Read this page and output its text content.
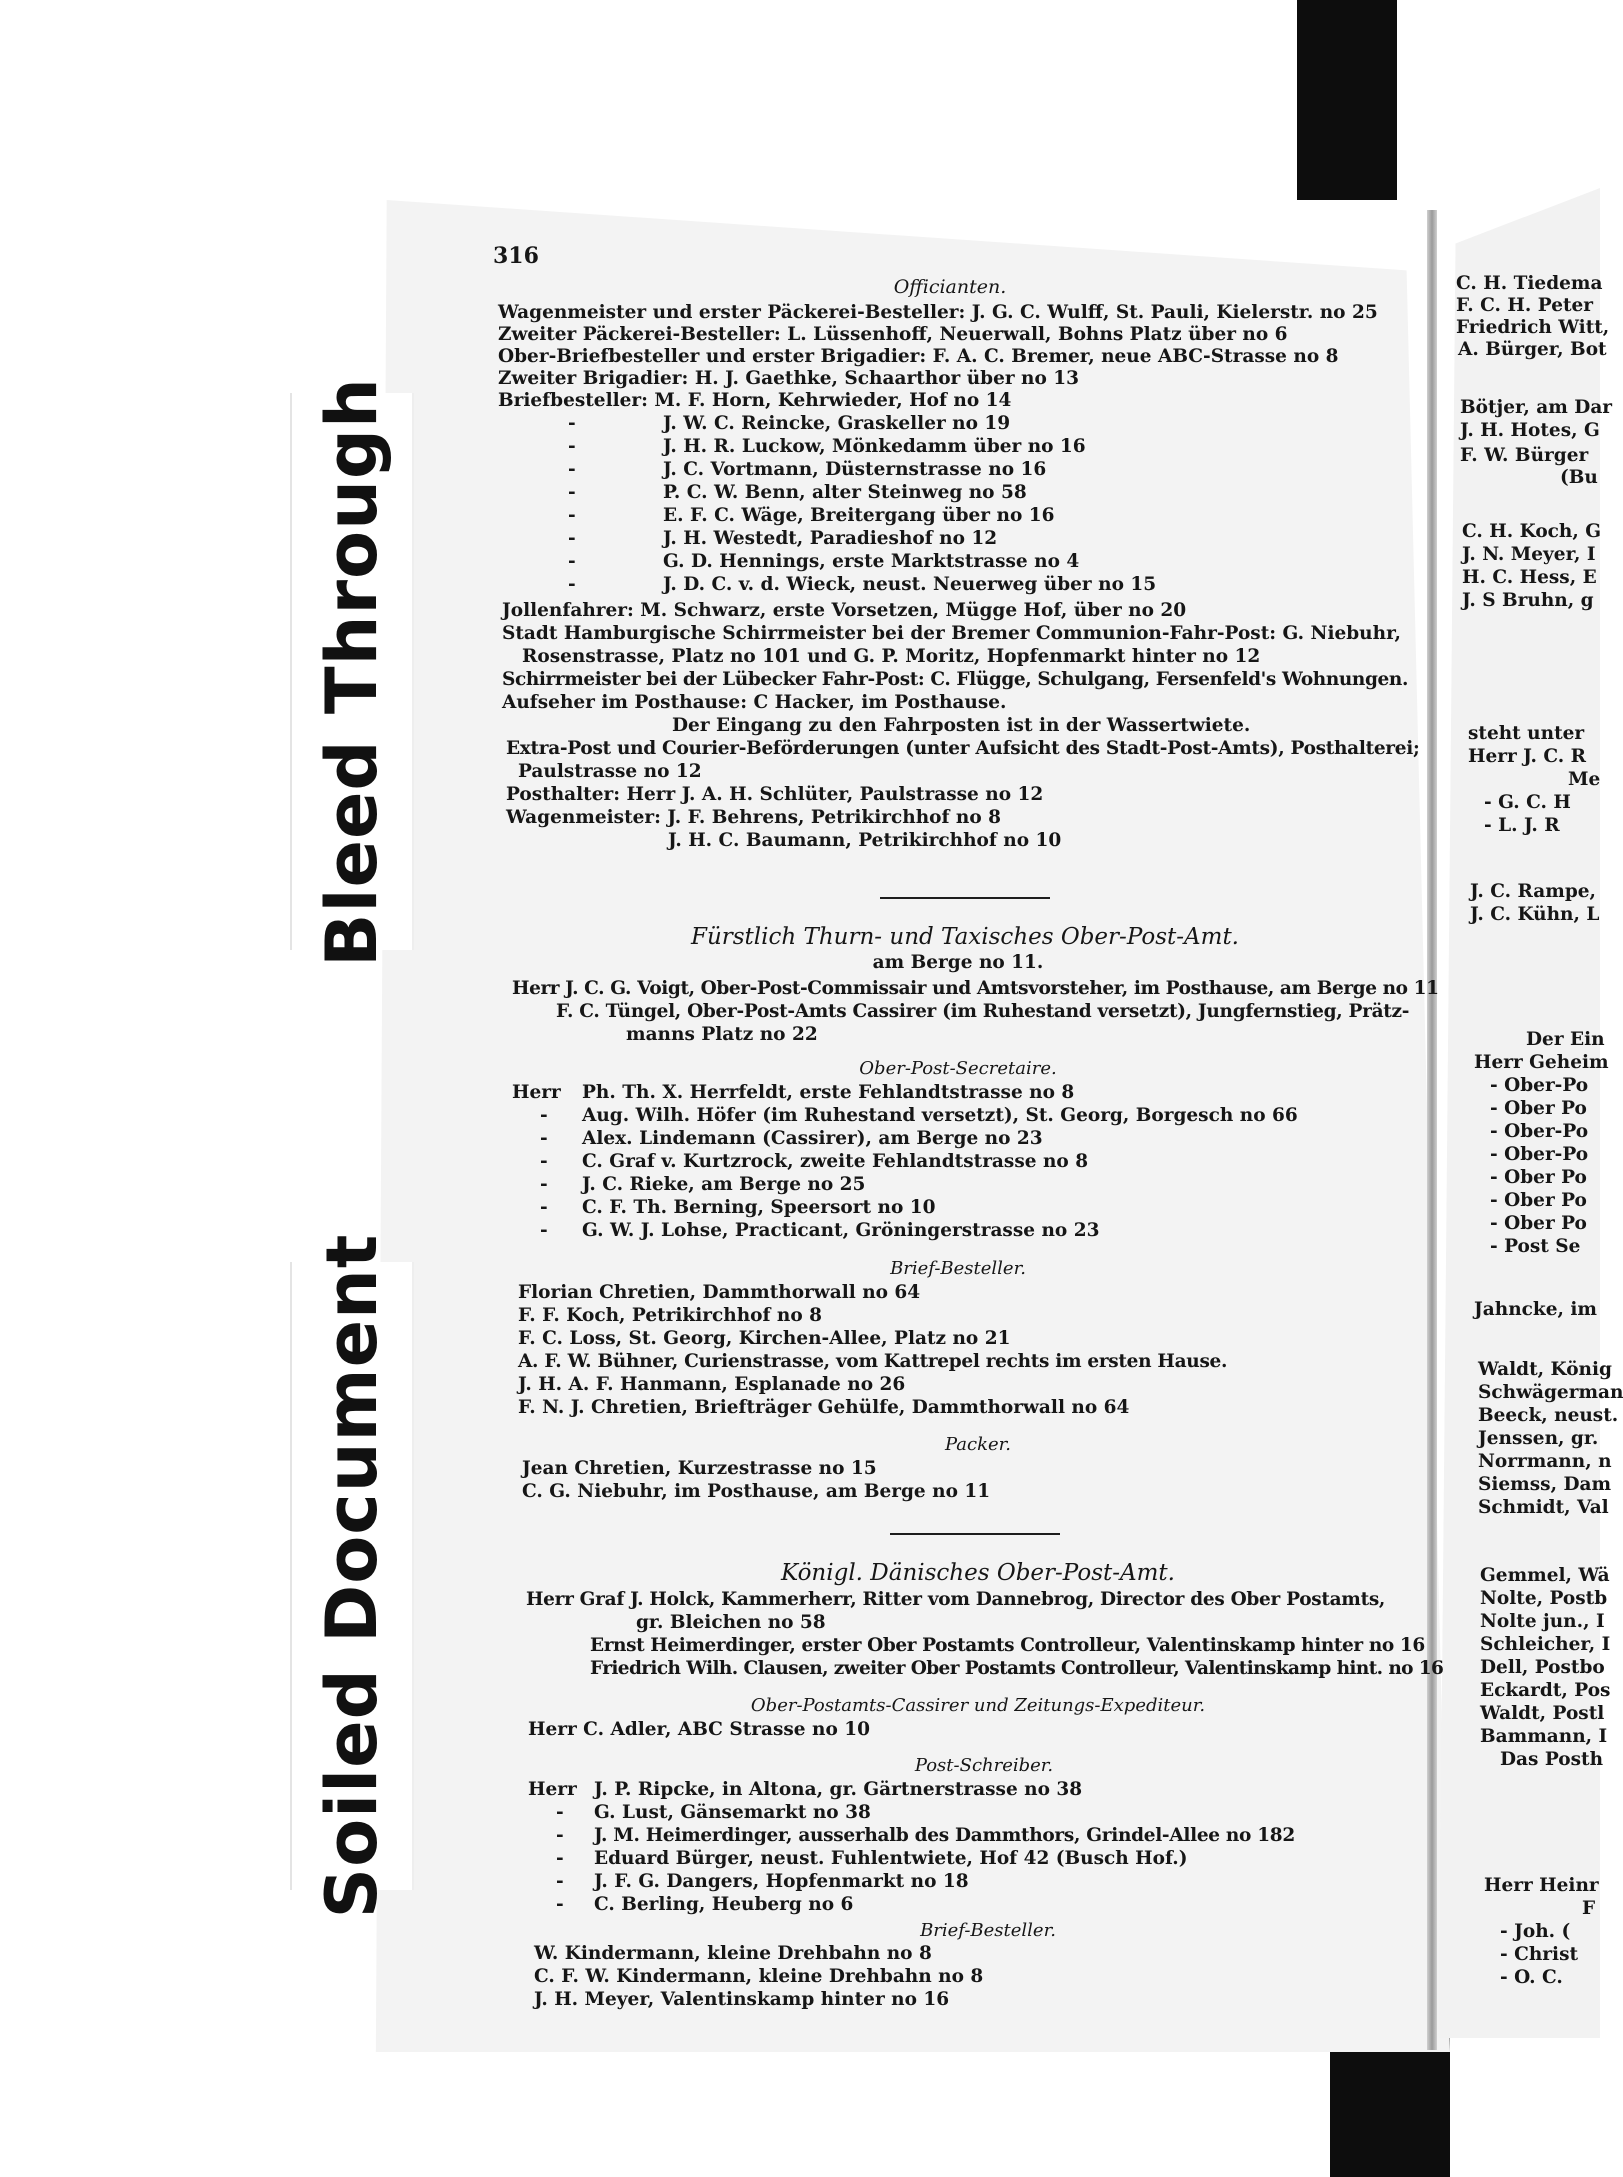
Bleed Through
Soiled Document
316
Officianten.
Wagenmeister und erster Päckerei-Besteller: J. G. C. Wulff, St. Pauli, Kielerstr. no 25
Zweiter Päckerei-Besteller: L. Lüssenhoff, Neuerwall, Bohns Platz über no 6
Ober-Briefbesteller und erster Brigadier: F. A. C. Bremer, neue ABC-Strasse no 8
Zweiter Brigadier: H. J. Gaethke, Schaarthor über no 13
Briefbesteller: M. F. Horn, Kehrwieder, Hof no 14
-	J. W. C. Reincke, Graskeller no 19
-	J. H. R. Luckow, Mönkedamm über no 16
-	J. C. Vortmann, Düsternstrasse no 16
-	P. C. W. Benn, alter Steinweg no 58
-	E. F. C. Wäge, Breitergang über no 16
-	J. H. Westedt, Paradieshof no 12
-	G. D. Hennings, erste Marktstrasse no 4
-	J. D. C. v. d. Wieck, neust. Neuerweg über no 15
Jollenfahrer: M. Schwarz, erste Vorsetzen, Mügge Hof, über no 20
Stadt Hamburgische Schirrmeister bei der Bremer Communion-Fahr-Post: G. Niebuhr,
Rosenstrasse, Platz no 101 und G. P. Moritz, Hopfenmarkt hinter no 12
Schirrmeister bei der Lübecker Fahr-Post: C. Flügge, Schulgang, Fersenfeld's Wohnungen.
Aufseher im Posthause: C Hacker, im Posthause.
Der Eingang zu den Fahrposten ist in der Wassertwiete.
Extra-Post und Courier-Beförderungen (unter Aufsicht des Stadt-Post-Amts), Posthalterei;
Paulstrasse no 12
Posthalter: Herr J. A. H. Schlüter, Paulstrasse no 12
Wagenmeister: J. F. Behrens, Petrikirchhof no 8
J. H. C. Baumann, Petrikirchhof no 10
Fürstlich Thurn- und Taxisches Ober-Post-Amt.
am Berge no 11.
Herr J. C. G. Voigt, Ober-Post-Commissair und Amtsvorsteher, im Posthause, am Berge no 11
F. C. Tüngel, Ober-Post-Amts Cassirer (im Ruhestand versetzt), Jungfernstieg, Prätz-
manns Platz no 22
Ober-Post-Secretaire.
Herr Ph. Th. X. Herrfeldt, erste Fehlandtstrasse no 8
- Aug. Wilh. Höfer (im Ruhestand versetzt), St. Georg, Borgesch no 66
- Alex. Lindemann (Cassirer), am Berge no 23
- C. Graf v. Kurtzrock, zweite Fehlandtstrasse no 8
- J. C. Rieke, am Berge no 25
- C. F. Th. Berning, Speersort no 10
- G. W. J. Lohse, Practicant, Gröningerstrasse no 23
Brief-Besteller.
Florian Chretien, Dammthorwall no 64
F. F. Koch, Petrikirchhof no 8
F. C. Loss, St. Georg, Kirchen-Allee, Platz no 21
A. F. W. Bühner, Curienstrasse, vom Kattrepel rechts im ersten Hause.
J. H. A. F. Hanmann, Esplanade no 26
F. N. J. Chretien, Briefträger Gehülfe, Dammthorwall no 64
Packer.
Jean Chretien, Kurzestrasse no 15
C. G. Niebuhr, im Posthause, am Berge no 11
Königl. Dänisches Ober-Post-Amt.
Herr Graf J. Holck, Kammerherr, Ritter vom Dannebrog, Director des Ober Postamts,
gr. Bleichen no 58
Ernst Heimerdinger, erster Ober Postamts Controlleur, Valentinskamp hinter no 16
Friedrich Wilh. Clausen, zweiter Ober Postamts Controlleur, Valentinskamp hint. no 16
Ober-Postamts-Cassirer und Zeitungs-Expediteur.
Herr C. Adler, ABC Strasse no 10
Post-Schreiber.
Herr J. P. Ripcke, in Altona, gr. Gärtnerstrasse no 38
- G. Lust, Gänsemarkt no 38
- J. M. Heimerdinger, ausserhalb des Dammthors, Grindel-Allee no 182
- Eduard Bürger, neust. Fuhlentwiete, Hof 42 (Busch Hof.)
- J. F. G. Dangers, Hopfenmarkt no 18
- C. Berling, Heuberg no 6
Brief-Besteller.
W. Kindermann, kleine Drehbahn no 8
C. F. W. Kindermann, kleine Drehbahn no 8
J. H. Meyer, Valentinskamp hinter no 16
C. H. Tiedema
F. C. H. Peter
Friedrich Witt,
A. Bürger, Bot
Bötjer, am Dar
J. H. Hotes, G
F. W. Bürger
(Bu
C. H. Koch, G
J. N. Meyer, I
H. C. Hess, E
J. S Bruhn, g
steht unter
Herr J. C. R
Me
- G. C. H
- L. J. R
J. C. Rampe,
J. C. Kühn, L
Der Ein
Herr Geheim
- Ober-Po
- Ober Po
- Ober-Po
- Ober-Po
- Ober Po
- Ober Po
- Ober Po
- Post Se
Jahncke, im
Waldt, König
Schwägerman
Beeck, neust.
Jenssen, gr.
Norrmann, n
Siemss, Dam
Schmidt, Val
Gemmel, Wä
Nolte, Postb
Nolte jun., I
Schleicher, I
Dell, Postbo
Eckardt, Pos
Waldt, Postl
Bammann, I
Das Posth
Herr Heinr
F
- Joh. (
- Christ
- O. C.
